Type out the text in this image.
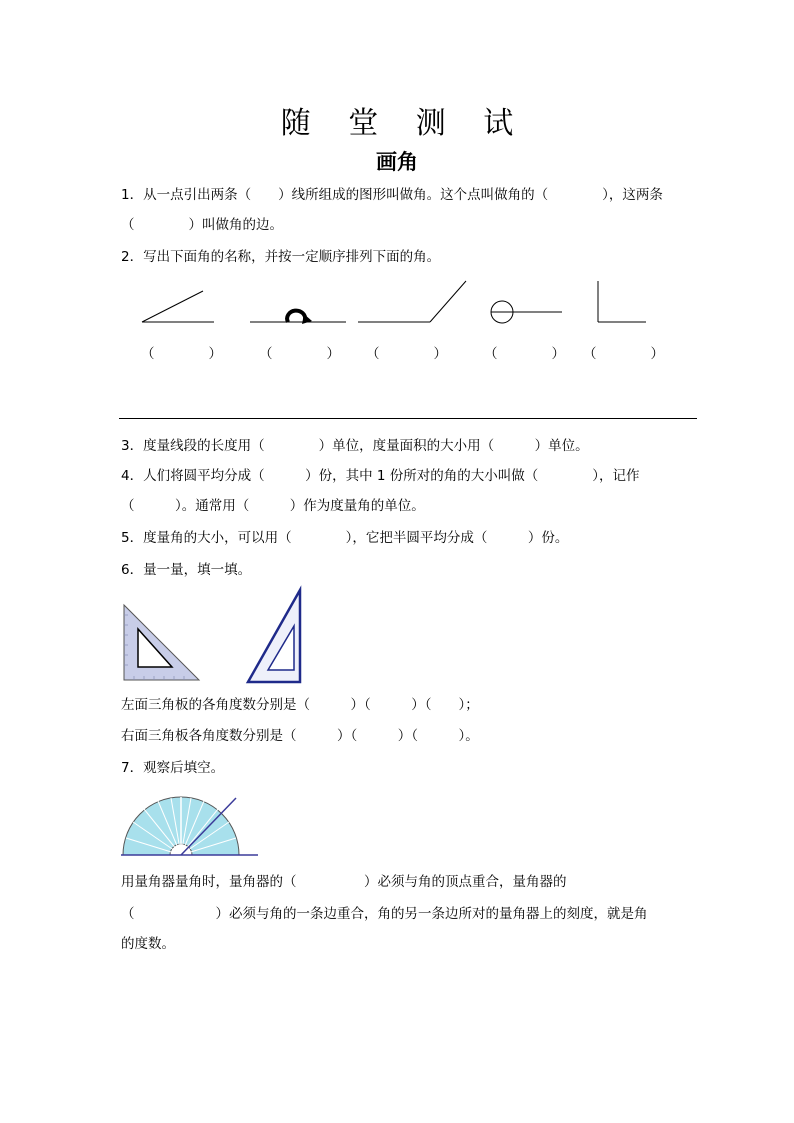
随 堂 测 试
画角
1．从一点引出两条（　　）线所组成的图形叫做角。这个点叫做角的（　　　　），这两条
（　　　　）叫做角的边。
2．写出下面角的名称，并按一定顺序排列下面的角。
（　　　　）	（　　　　） （　　　　）	（　　　　） （　　　　）
3．度量线段的长度用（　　　　）单位，度量面积的大小用（　　　）单位。
4．人们将圆平均分成（　　　）份，其中 1 份所对的角的大小叫做（　　　　），记作
（　　　）。通常用（　　　）作为度量角的单位。
5．度量角的大小，可以用（　　　　），它把半圆平均分成（　　　）份。
6．量一量，填一填。
左面三角板的各角度数分别是（　　　）（　　　）（　　）；
右面三角板各角度数分别是（　　　）（　　　）（　　　）。
7．观察后填空。
用量角器量角时，量角器的（　　　　　）必须与角的顶点重合，量角器的
（　　　　　　）必须与角的一条边重合，角的另一条边所对的量角器上的刻度，就是角
的度数。
